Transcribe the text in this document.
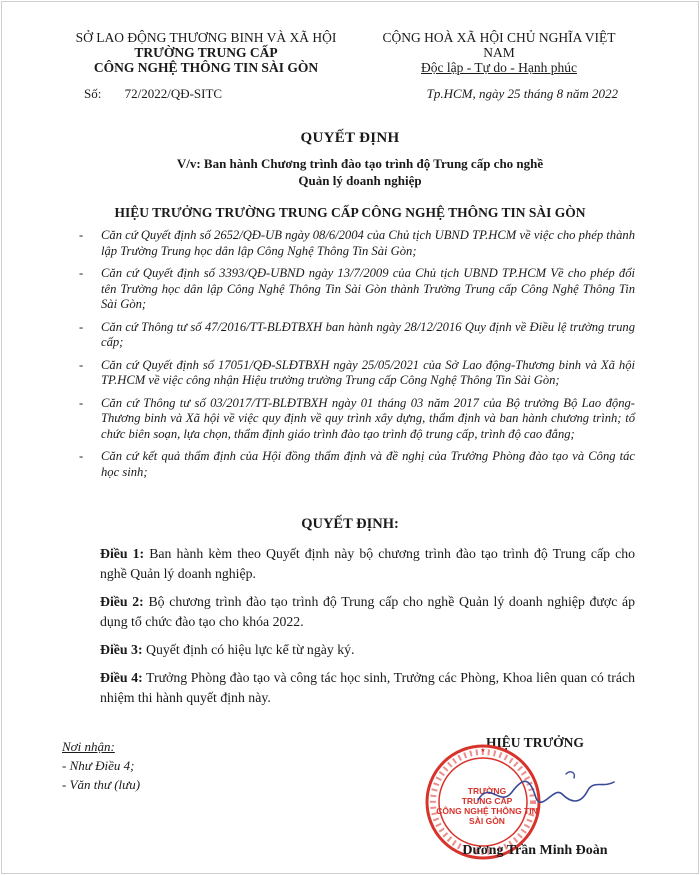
SỞ LAO ĐỘNG THƯƠNG BINH VÀ XÃ HỘI
TRƯỜNG TRUNG CẤP
CÔNG NGHỆ THÔNG TIN SÀI GÒN
CỘNG HOÀ XÃ HỘI CHỦ NGHĨA VIỆT NAM
Độc lập - Tự do - Hạnh phúc
Số: 72/2022/QĐ-SITC	Tp.HCM, ngày 25 tháng 8 năm 2022
QUYẾT ĐỊNH
V/v: Ban hành Chương trình đào tạo trình độ Trung cấp cho nghề
Quản lý doanh nghiệp
HIỆU TRƯỞNG TRƯỜNG TRUNG CẤP CÔNG NGHỆ THÔNG TIN SÀI GÒN
- Căn cứ Quyết định số 2652/QĐ-UB ngày 08/6/2004 của Chủ tịch UBND TP.HCM về việc cho phép thành lập Trường Trung học dân lập Công Nghệ Thông Tin Sài Gòn;
- Căn cứ Quyết định số 3393/QĐ-UBND ngày 13/7/2009 của Chủ tịch UBND TP.HCM Về cho phép đổi tên Trường học dân lập Công Nghệ Thông Tin Sài Gòn thành Trường Trung cấp Công Nghệ Thông Tin Sài Gòn;
- Căn cứ Thông tư số 47/2016/TT-BLĐTBXH ban hành ngày 28/12/2016 Quy định về Điều lệ trường trung cấp;
- Căn cứ Quyết định số 17051/QĐ-SLĐTBXH ngày 25/05/2021 của Sở Lao động-Thương binh và Xã hội TP.HCM về việc công nhận Hiệu trưởng trường Trung cấp Công Nghệ Thông Tin Sài Gòn;
- Căn cứ Thông tư số 03/2017/TT-BLĐTBXH ngày 01 tháng 03 năm 2017 của Bộ trưởng Bộ Lao động-Thương binh và Xã hội về việc quy định về quy trình xây dựng, thẩm định và ban hành chương trình; tổ chức biên soạn, lựa chọn, thẩm định giáo trình đào tạo trình độ trung cấp, trình độ cao đẳng;
- Căn cứ kết quả thẩm định của Hội đồng thẩm định và đề nghị của Trưởng Phòng đào tạo và Công tác học sinh;
QUYẾT ĐỊNH:
Điều 1: Ban hành kèm theo Quyết định này bộ chương trình đào tạo trình độ Trung cấp cho nghề Quản lý doanh nghiệp.
Điều 2: Bộ chương trình đào tạo trình độ Trung cấp cho nghề Quản lý doanh nghiệp được áp dụng tổ chức đào tạo cho khóa 2022.
Điều 3: Quyết định có hiệu lực kể từ ngày ký.
Điều 4: Trưởng Phòng đào tạo và công tác học sinh, Trưởng các Phòng, Khoa liên quan có trách nhiệm thi hành quyết định này.
Nơi nhận:
- Như Điều 4;
- Văn thư (lưu)
HIỆU TRƯỞNG
★
TRƯỜNG
TRUNG CẤP
CÔNG NGHỆ THÔNG TIN
SÀI GÒN
Dương Trần Minh Đoàn
